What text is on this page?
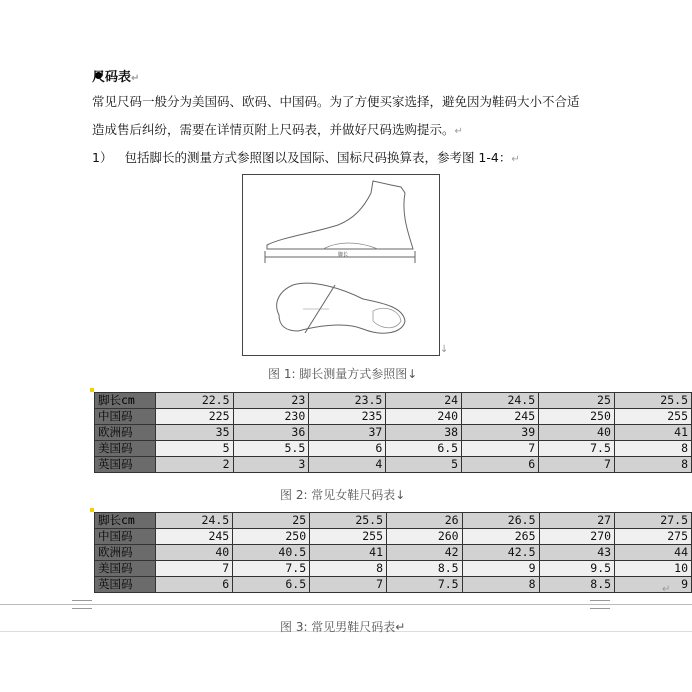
尺码表↵
常见尺码一般分为美国码、欧码、中国码。为了方便买家选择，避免因为鞋码大小不合适
造成售后纠纷，需要在详情页附上尺码表，并做好尺码选购提示。↵
1） 包括脚长的测量方式参照图以及国际、国标尺码换算表，参考图 1-4：↵
脚长
↓
图 1: 脚长测量方式参照图↓
脚长cm	22.5	23	23.5	24	24.5	25	25.5
中国码	225	230	235	240	245	250	255
欧洲码	35	36	37	38	39	40	41
美国码	5	5.5	6	6.5	7	7.5	8
英国码	2	3	4	5	6	7	8
图 2: 常见女鞋尺码表↓
脚长cm	24.5	25	25.5	26	26.5	27	27.5
中国码	245	250	255	260	265	270	275
欧洲码	40	40.5	41	42	42.5	43	44
美国码	7	7.5	8	8.5	9	9.5	10
英国码	6	6.5	7	7.5	8	8.5	9
↵
图 3: 常见男鞋尺码表↵
